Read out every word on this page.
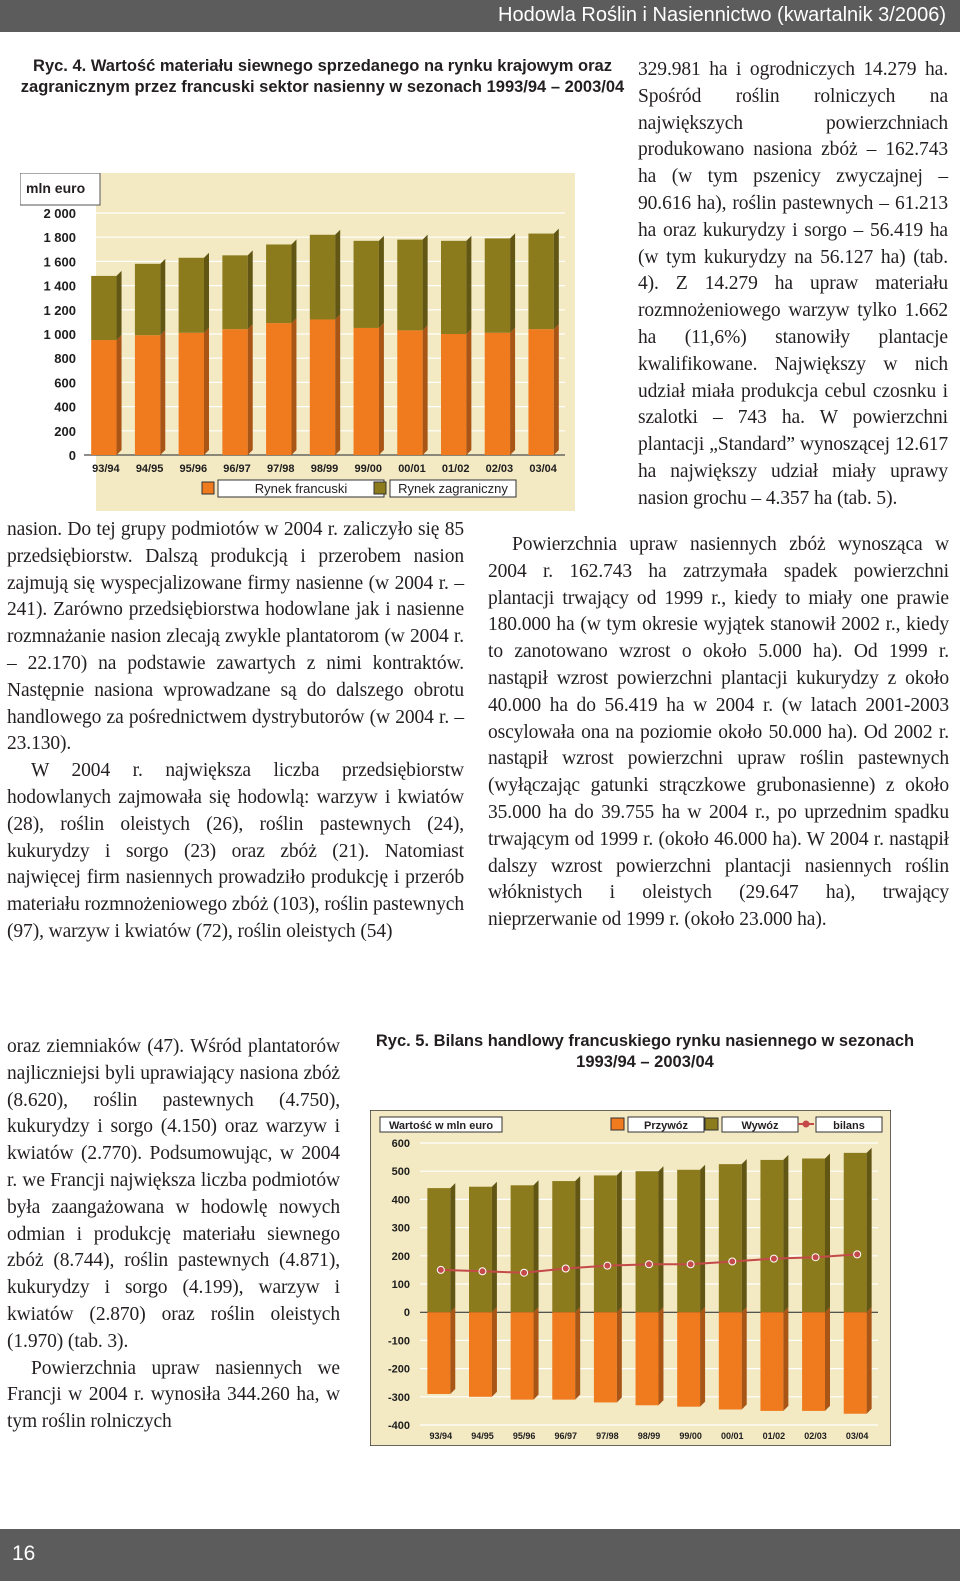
Hodowla Roślin i Nasiennictwo (kwartalnik 3/2006)

Ryc. 4. Wartość materiału siewnego sprzedanego na rynku krajowym oraz zagranicznym przez francuski sektor nasienny w sezonach 1993/94 – 2003/04

mln euro
2 000
1 800
1 600
1 400
1 200
1 000
800
600
400
200
0
93/94 94/95 95/96 96/97 97/98 98/99 99/00 00/01 01/02 02/03 03/04
Rynek francuski	Rynek zagraniczny

329.981 ha i ogrodniczych 14.279 ha. Spośród roślin rolniczych na największych powierzchniach produkowano nasiona zbóż – 162.743 ha (w tym pszenicy zwyczajnej – 90.616 ha), roślin pastewnych – 61.213 ha oraz kukurydzy i sorgo – 56.419 ha (w tym kukurydzy na 56.127 ha) (tab. 4). Z 14.279 ha upraw materiału rozmnożeniowego warzyw tylko 1.662 ha (11,6%) stanowiły plantacje kwalifikowane. Największy w nich udział miała produkcja cebul czosnku i szalotki – 743 ha. W powierzchni plantacji „Standard” wynoszącej 12.617 ha największy udział miały uprawy nasion grochu – 4.357 ha (tab. 5).

nasion. Do tej grupy podmiotów w 2004 r. zaliczyło się 85 przedsiębiorstw. Dalszą produkcją i przerobem nasion zajmują się wyspecjalizowane firmy nasienne (w 2004 r. – 241). Zarówno przedsiębiorstwa hodowlane jak i nasienne rozmnażanie nasion zlecają zwykle plantatorom (w 2004 r. – 22.170) na podstawie zawartych z nimi kontraktów. Następnie nasiona wprowadzane są do dalszego obrotu handlowego za pośrednictwem dystrybutorów (w 2004 r. – 23.130).

W 2004 r. największa liczba przedsiębiorstw hodowlanych zajmowała się hodowlą: warzyw i kwiatów (28), roślin oleistych (26), roślin pastewnych (24), kukurydzy i sorgo (23) oraz zbóż (21). Natomiast najwięcej firm nasiennych prowadziło produkcję i przerób materiału rozmnożeniowego zbóż (103), roślin pastewnych (97), warzyw i kwiatów (72), roślin oleistych (54)

Powierzchnia upraw nasiennych zbóż wynosząca w 2004 r. 162.743 ha zatrzymała spadek powierzchni plantacji trwający od 1999 r., kiedy to miały one prawie 180.000 ha (w tym okresie wyjątek stanowił 2002 r., kiedy to zanotowano wzrost o około 5.000 ha). Od 1999 r. nastąpił wzrost powierzchni plantacji kukurydzy z około 40.000 ha do 56.419 ha w 2004 r. (w latach 2001-2003 oscylowała ona na poziomie około 50.000 ha). Od 2002 r. nastąpił wzrost powierzchni upraw roślin pastewnych (wyłączając gatunki strączkowe grubonasienne) z około 35.000 ha do 39.755 ha w 2004 r., po uprzednim spadku trwającym od 1999 r. (około 46.000 ha). W 2004 r. nastąpił dalszy wzrost powierzchni plantacji nasiennych roślin włóknistych i oleistych (29.647 ha), trwający nieprzerwanie od 1999 r. (około 23.000 ha).

Ryc. 5. Bilans handlowy francuskiego rynku nasiennego w sezonach 1993/94 – 2003/04

oraz ziemniaków (47). Wśród plantatorów najliczniejsi byli uprawiający nasiona zbóż (8.620), roślin pastewnych (4.750), kukurydzy i sorgo (4.150) oraz warzyw i kwiatów (2.770). Podsumowując, w 2004 r. we Francji największa liczba podmiotów była zaangażowana w hodowlę nowych odmian i produkcję materiału siewnego zbóż (8.744), roślin pastewnych (4.871), kukurydzy i sorgo (4.199), warzyw i kwiatów (2.870) oraz roślin oleistych (1.970) (tab. 3).

Powierzchnia upraw nasiennych we Francji w 2004 r. wynosiła 344.260 ha, w tym roślin rolniczych

Wartość w mln euro
600
500
400
300
200
100
0
-100
-200
-300
-400
93/94 94/95 95/96 96/97 97/98 98/99 99/00 00/01 01/02 02/03 03/04
Przywóz	Wywóz	bilans
16
